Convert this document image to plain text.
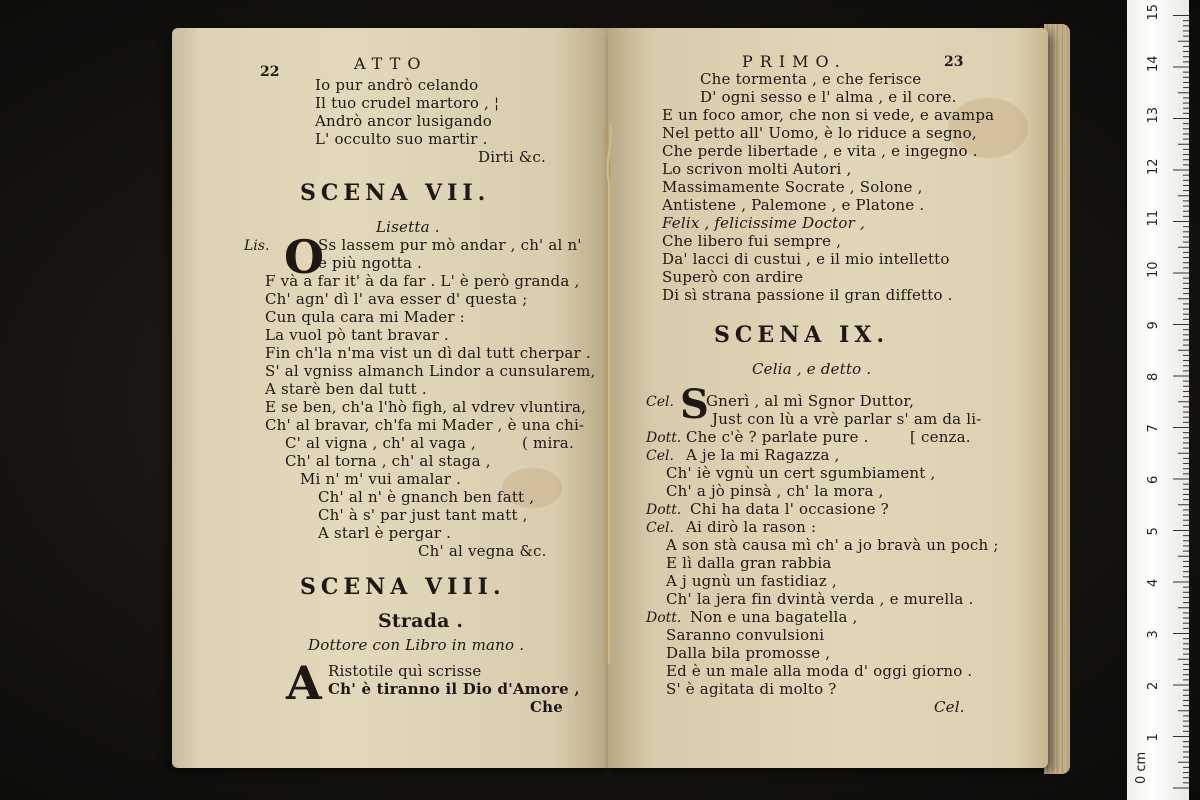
22	ATTO
Io pur andrò celando
Il tuo crudel martoro , ¦
Andrò ancor lusigando
L' occulto suo martir .
Dirti &c.
SCENA VII.
Lisetta .
Lis. O
Ss lassem pur mò andar , ch' al n'
e più ngotta .
F và a far it' à da far . L' è però granda ,
Ch' agn' dì l' ava esser d' questa ;
Cun qula cara mi Mader :
La vuol pò tant bravar .
Fin ch'la n'ma vist un dì dal tutt cherpar .
S' al vgniss almanch Lindor a cunsularem,
A starè ben dal tutt .
E se ben, ch'a l'hò figh, al vdrev vluntira,
Ch' al bravar, ch'fa mi Mader , è una chi-
C' al vigna , ch' al vaga ,	( mira.
Ch' al torna , ch' al staga ,
Mi n' m' vui amalar .
Ch' al n' è gnanch ben fatt ,
Ch' à s' par just tant matt ,
A starl è pergar .
Ch' al vegna &c.
SCENA VIII.
Strada .
Dottore con Libro in mano .
A Ristotile quì scrisse
Ch' è tiranno il Dio d'Amore ,
Che
PRIMO.	23
Che tormenta , e che ferisce
D' ogni sesso e l' alma , e il core.
E un foco amor, che non si vede, e avampa
Nel petto all' Uomo, è lo riduce a segno,
Che perde libertade , e vita , e ingegno .
Lo scrivon molti Autori ,
Massimamente Socrate , Solone ,
Antistene , Palemone , e Platone .
Felix , felicissime Doctor ,
Che libero fui sempre ,
Da' lacci di custui , e il mio intelletto
Superò con ardire
Di sì strana passione il gran diffetto .
SCENA IX.
Celia , e detto .
S
Cel. Gnerì , al mì Sgnor Duttor,
Just con lù a vrè parlar s' am da li-
Dott. Che c'è ? parlate pure .	[ cenza.
Cel. A je la mi Ragazza ,
Ch' iè vgnù un cert sgumbiament ,
Ch' a jò pinsà , ch' la mora ,
Dott. Chi ha data l' occasione ?
Cel. Ai dirò la rason :
A son stà causa mì ch' a jo bravà un poch ;
E lì dalla gran rabbia
A j ugnù un fastidiaz ,
Ch' la jera fin dvintà verda , e murella .
Dott. Non e una bagatella ,
Saranno convulsioni
Dalla bila promosse ,
Ed è un male alla moda d' oggi giorno .
S' è agitata di molto ?
Cel.
0 cm
1
2
3
4
5
6
7
8
9
10
11
12
13
14
15
